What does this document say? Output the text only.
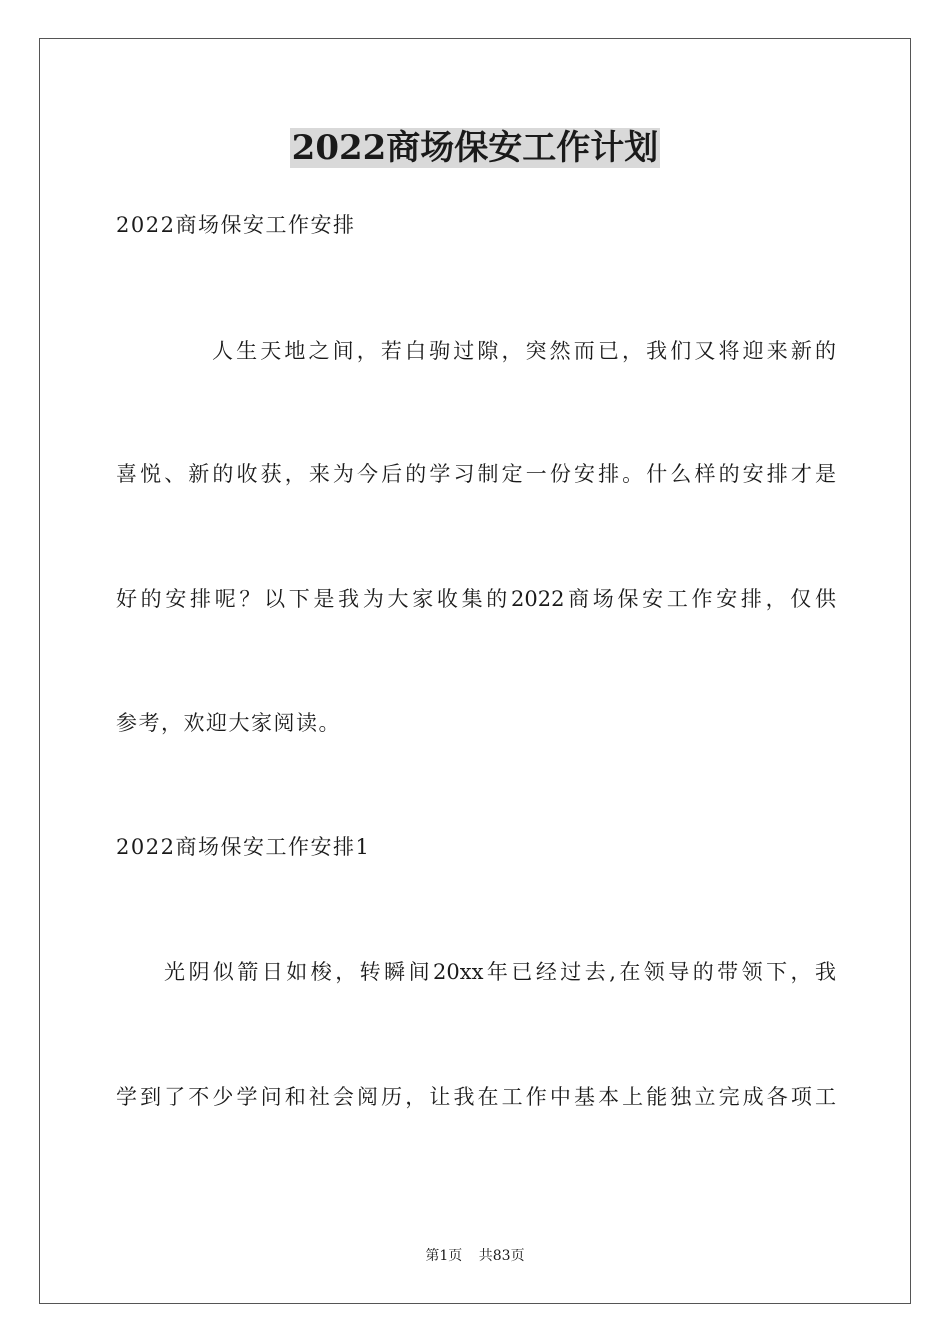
2022商场保安工作计划
2022商场保安工作安排
人生天地之间，若白驹过隙，突然而已，我们又将迎来新的
喜悦、新的收获，来为今后的学习制定一份安排。什么样的安排才是
好的安排呢？以下是我为大家收集的2022商场保安工作安排，仅供
参考，欢迎大家阅读。
2022商场保安工作安排1
光阴似箭日如梭，转瞬间20xx年已经过去,在领导的带领下，我
学到了不少学问和社会阅历，让我在工作中基本上能独立完成各项工
第1页 共83页
